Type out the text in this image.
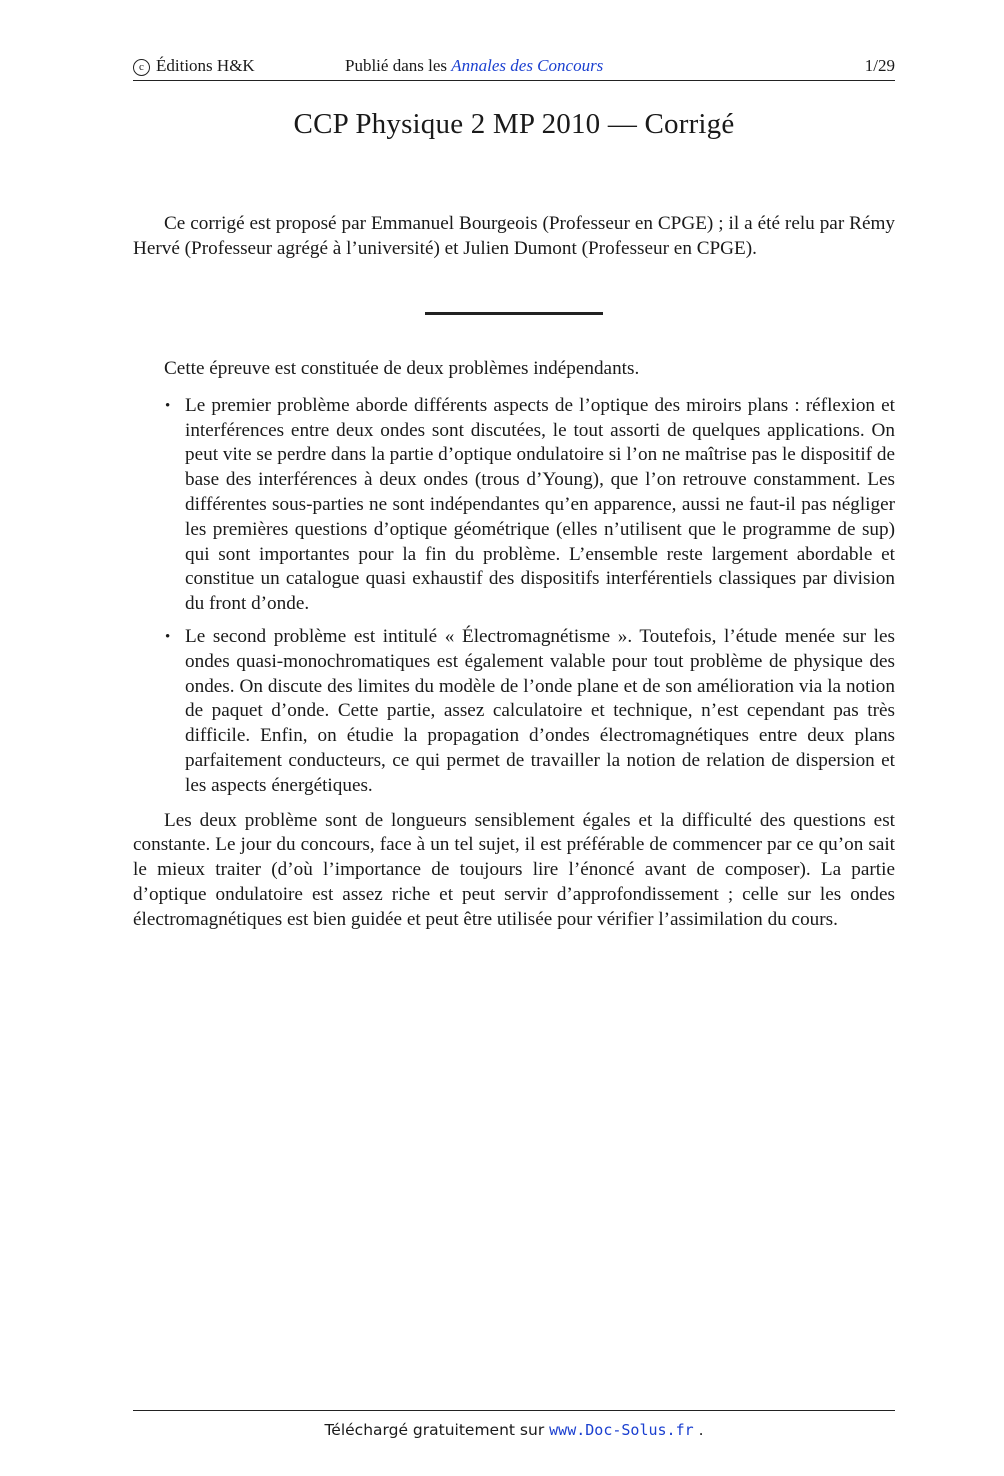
c Éditions H&K	Publié dans les Annales des Concours	1/29
CCP Physique 2 MP 2010 — Corrigé

Ce corrigé est proposé par Emmanuel Bourgeois (Professeur en CPGE) ; il a été relu par Rémy Hervé (Professeur agrégé à l’université) et Julien Dumont (Professeur en CPGE).

Cette épreuve est constituée de deux problèmes indépendants.

• Le premier problème aborde différents aspects de l’optique des miroirs plans : réflexion et interférences entre deux ondes sont discutées, le tout assorti de quelques applications. On peut vite se perdre dans la partie d’optique ondulatoire si l’on ne maîtrise pas le dispositif de base des interférences à deux ondes (trous d’Young), que l’on retrouve constamment. Les différentes sous-parties ne sont indépendantes qu’en apparence, aussi ne faut-il pas négliger les premières questions d’optique géométrique (elles n’utilisent que le programme de sup) qui sont importantes pour la fin du problème. L’ensemble reste largement abordable et constitue un catalogue quasi exhaustif des dispositifs interférentiels classiques par division du front d’onde.
• Le second problème est intitulé « Électromagnétisme ». Toutefois, l’étude menée sur les ondes quasi-monochromatiques est également valable pour tout problème de physique des ondes. On discute des limites du modèle de l’onde plane et de son amélioration via la notion de paquet d’onde. Cette partie, assez calculatoire et technique, n’est cependant pas très difficile. Enfin, on étudie la propagation d’ondes électromagnétiques entre deux plans parfaitement conducteurs, ce qui permet de travailler la notion de relation de dispersion et les aspects énergétiques.

Les deux problème sont de longueurs sensiblement égales et la difficulté des questions est constante. Le jour du concours, face à un tel sujet, il est préférable de commencer par ce qu’on sait le mieux traiter (d’où l’importance de toujours lire l’énoncé avant de composer). La partie d’optique ondulatoire est assez riche et peut servir d’approfondissement ; celle sur les ondes électromagnétiques est bien guidée et peut être utilisée pour vérifier l’assimilation du cours.

Téléchargé gratuitement sur www.Doc-Solus.fr .
